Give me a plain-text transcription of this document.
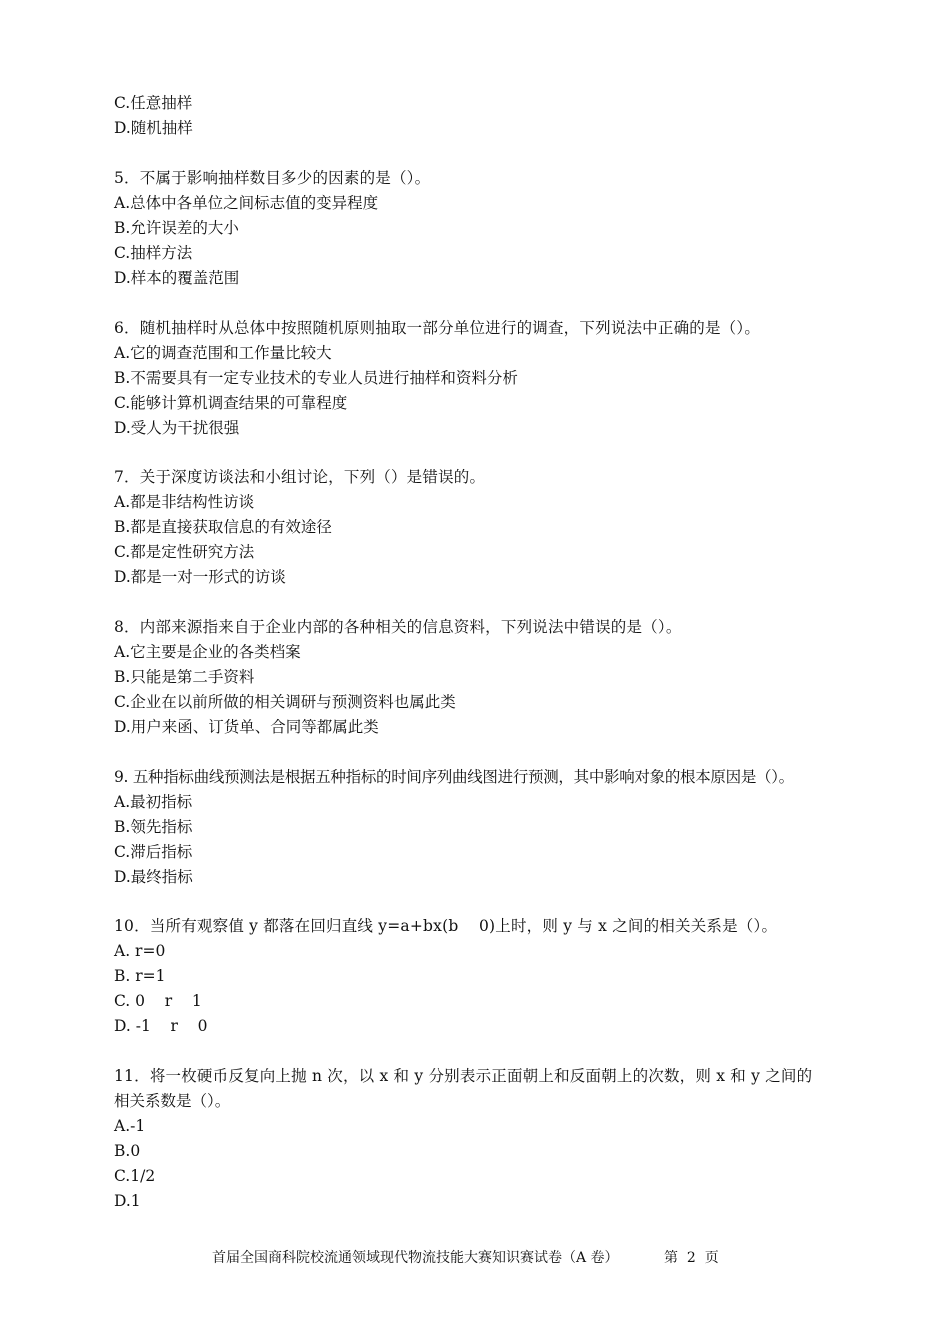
C.任意抽样
D.随机抽样
5．不属于影响抽样数目多少的因素的是（）。
A.总体中各单位之间标志值的变异程度
B.允许误差的大小
C.抽样方法
D.样本的覆盖范围
6．随机抽样时从总体中按照随机原则抽取一部分单位进行的调查，下列说法中正确的是（）。
A.它的调查范围和工作量比较大
B.不需要具有一定专业技术的专业人员进行抽样和资料分析
C.能够计算机调查结果的可靠程度
D.受人为干扰很强
7．关于深度访谈法和小组讨论，下列（）是错误的。
A.都是非结构性访谈
B.都是直接获取信息的有效途径
C.都是定性研究方法
D.都是一对一形式的访谈
8．内部来源指来自于企业内部的各种相关的信息资料，下列说法中错误的是（）。
A.它主要是企业的各类档案
B.只能是第二手资料
C.企业在以前所做的相关调研与预测资料也属此类
D.用户来函、订货单、合同等都属此类
9. 五种指标曲线预测法是根据五种指标的时间序列曲线图进行预测，其中影响对象的根本原因是（）。
A.最初指标
B.领先指标
C.滞后指标
D.最终指标
10．当所有观察值 y 都落在回归直线 y=a+bx(b    0)上时，则 y 与 x 之间的相关关系是（）。
A. r=0
B. r=1
C. 0    r    1
D. -1    r    0
11．将一枚硬币反复向上抛 n 次，以 x 和 y 分别表示正面朝上和反面朝上的次数，则 x 和 y 之间的
相关系数是（）。
A.-1
B.0
C.1/2
D.1
首届全国商科院校流通领域现代物流技能大赛知识赛试卷（A 卷）	第  2  页
